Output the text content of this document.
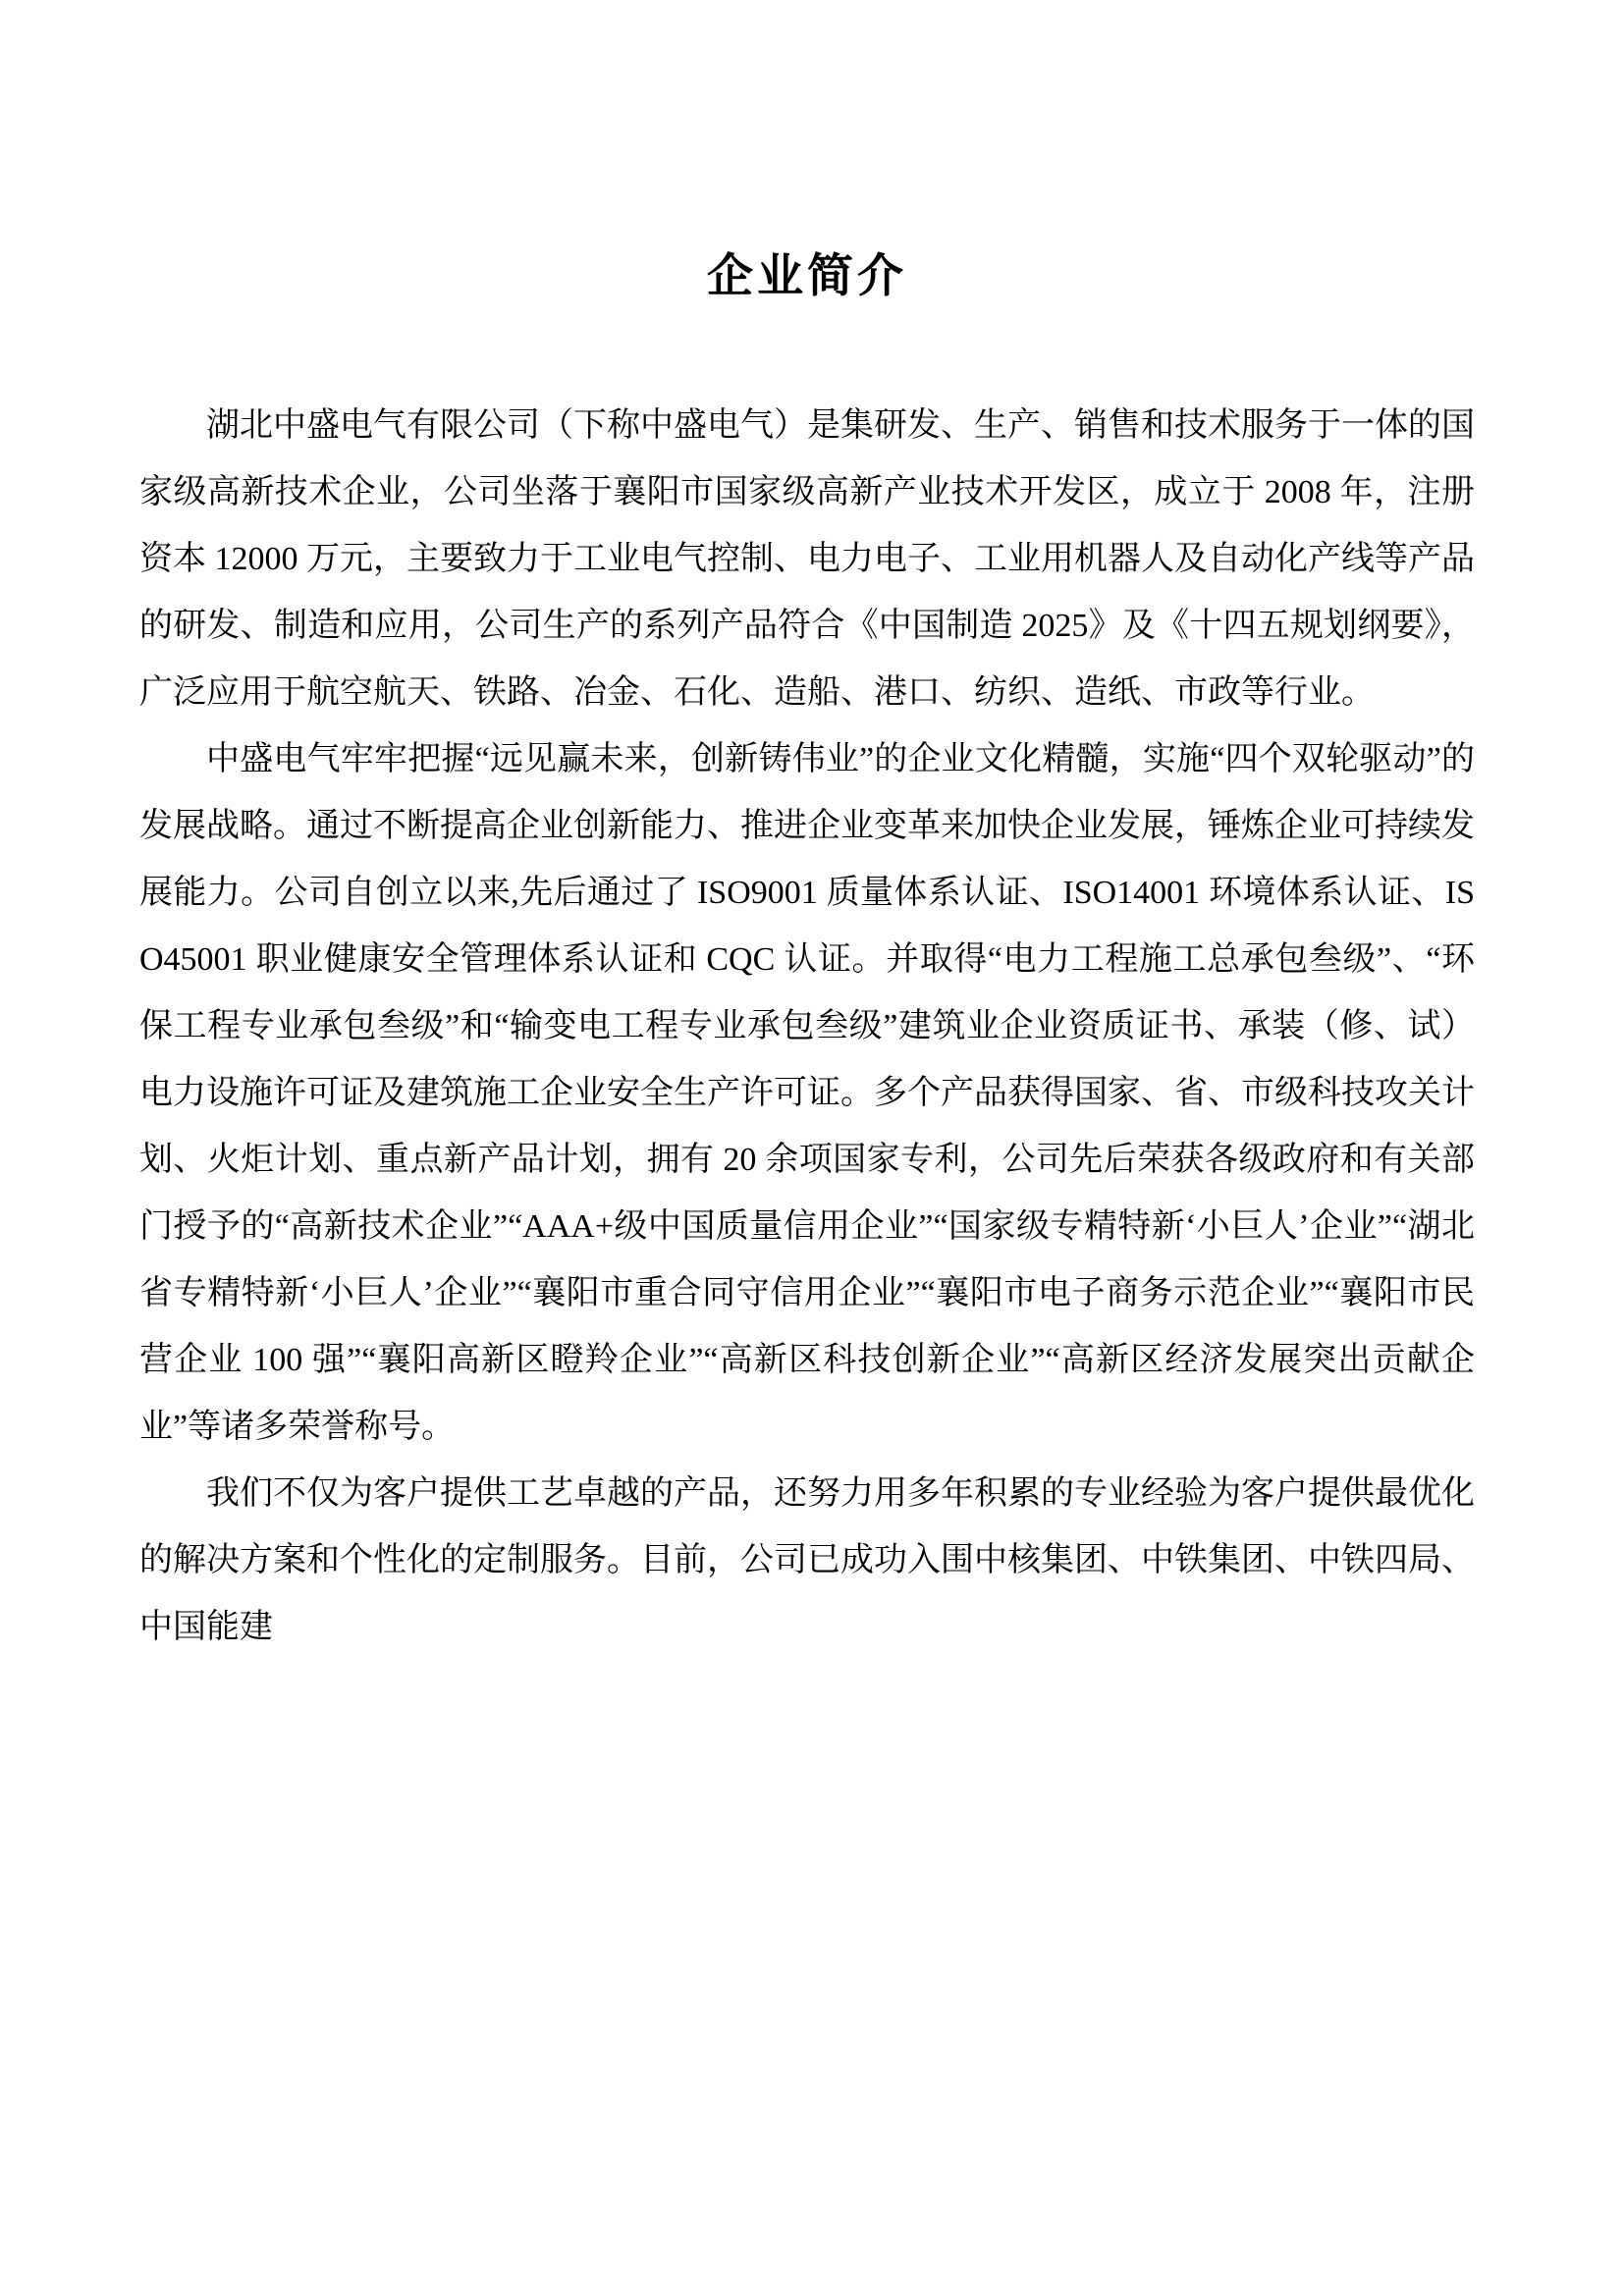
企业简介

湖北中盛电气有限公司（下称中盛电气）是集研发、生产、销售和技术服务于一体的国家级高新技术企业，公司坐落于襄阳市国家级高新产业技术开发区，成立于 2008 年，注册资本 12000 万元，主要致力于工业电气控制、电力电子、工业用机器人及自动化产线等产品的研发、制造和应用，公司生产的系列产品符合《中国制造 2025》及《十四五规划纲要》，广泛应用于航空航天、铁路、冶金、石化、造船、港口、纺织、造纸、市政等行业。

中盛电气牢牢把握“远见赢未来，创新铸伟业”的企业文化精髓，实施“四个双轮驱动”的发展战略。通过不断提高企业创新能力、推进企业变革来加快企业发展，锤炼企业可持续发展能力。公司自创立以来,先后通过了 ISO9001 质量体系认证、ISO14001 环境体系认证、ISO45001 职业健康安全管理体系认证和 CQC 认证。并取得“电力工程施工总承包叁级”、“环保工程专业承包叁级”和“输变电工程专业承包叁级”建筑业企业资质证书、承装（修、试）电力设施许可证及建筑施工企业安全生产许可证。多个产品获得国家、省、市级科技攻关计划、火炬计划、重点新产品计划，拥有 20 余项国家专利，公司先后荣获各级政府和有关部门授予的“高新技术企业”“AAA+级中国质量信用企业”“国家级专精特新‘小巨人’企业”“湖北省专精特新‘小巨人’企业”“襄阳市重合同守信用企业”“襄阳市电子商务示范企业”“襄阳市民营企业 100 强”“襄阳高新区瞪羚企业”“高新区科技创新企业”“高新区经济发展突出贡献企业”等诸多荣誉称号。

我们不仅为客户提供工艺卓越的产品，还努力用多年积累的专业经验为客户提供最优化的解决方案和个性化的定制服务。目前，公司已成功入围中核集团、中铁集团、中铁四局、中国能建
